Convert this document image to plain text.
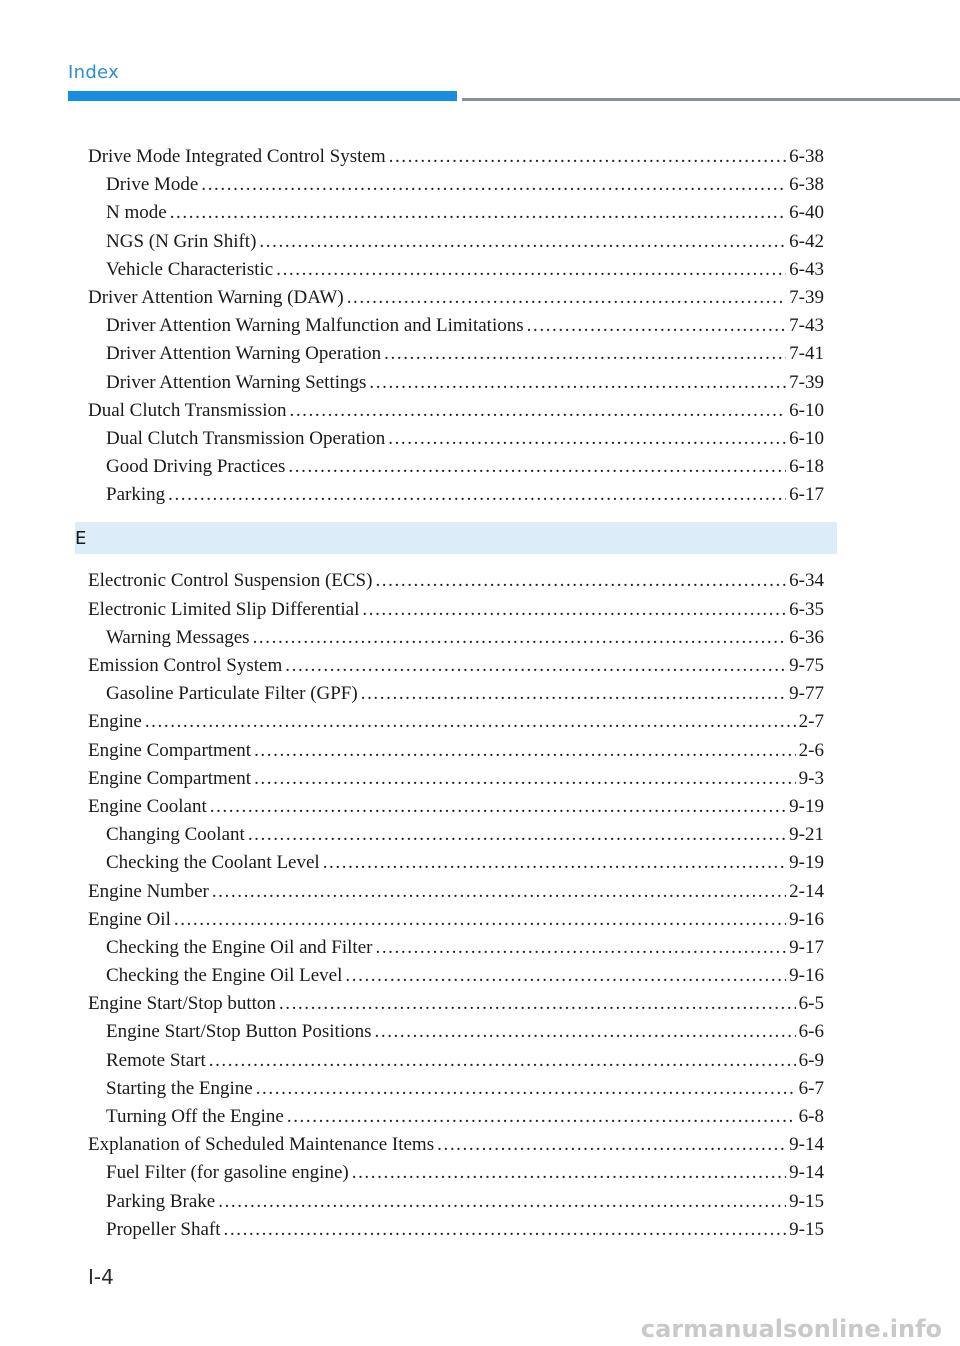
Index
Drive Mode Integrated Control System .....	6-38
Drive Mode .....	6-38
N mode .....	6-40
NGS (N Grin Shift) .....	6-42
Vehicle Characteristic .....	6-43
Driver Attention Warning (DAW) .....	7-39
Driver Attention Warning Malfunction and Limitations .....	7-43
Driver Attention Warning Operation .....	7-41
Driver Attention Warning Settings .....	7-39
Dual Clutch Transmission .....	6-10
Dual Clutch Transmission Operation .....	6-10
Good Driving Practices .....	6-18
Parking .....	6-17
E
Electronic Control Suspension (ECS) .....	6-34
Electronic Limited Slip Differential .....	6-35
Warning Messages .....	6-36
Emission Control System .....	9-75
Gasoline Particulate Filter (GPF) .....	9-77
Engine .....	2-7
Engine Compartment .....	2-6
Engine Compartment .....	9-3
Engine Coolant .....	9-19
Changing Coolant .....	9-21
Checking the Coolant Level .....	9-19
Engine Number .....	2-14
Engine Oil .....	9-16
Checking the Engine Oil and Filter .....	9-17
Checking the Engine Oil Level .....	9-16
Engine Start/Stop button .....	6-5
Engine Start/Stop Button Positions .....	6-6
Remote Start .....	6-9
Starting the Engine .....	6-7
Turning Off the Engine .....	6-8
Explanation of Scheduled Maintenance Items .....	9-14
Fuel Filter (for gasoline engine) .....	9-14
Parking Brake .....	9-15
Propeller Shaft .....	9-15
I-4
carmanualsonline.info
